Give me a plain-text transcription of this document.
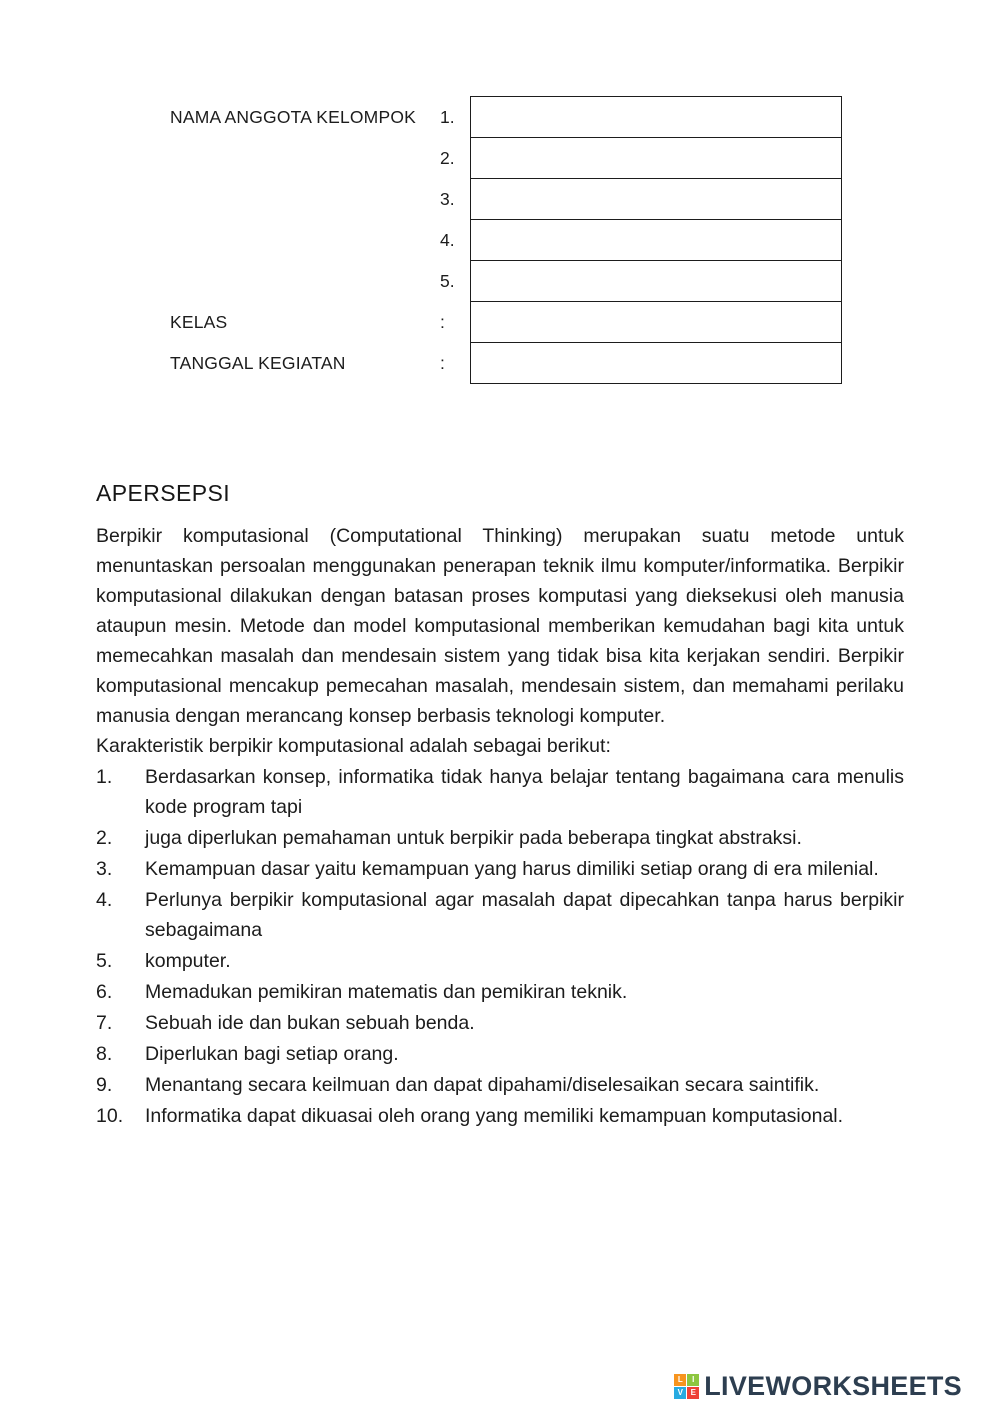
NAMA ANGGOTA KELOMPOK	1.
2.
3.
4.
5.
KELAS	:
TANGGAL KEGIATAN	:
APERSEPSI

Berpikir komputasional (Computational Thinking) merupakan suatu metode untuk menuntaskan persoalan menggunakan penerapan teknik ilmu komputer/informatika. Berpikir komputasional dilakukan dengan batasan proses komputasi yang dieksekusi oleh manusia ataupun mesin. Metode dan model komputasional memberikan kemudahan bagi kita untuk memecahkan masalah dan mendesain sistem yang tidak bisa kita kerjakan sendiri. Berpikir komputasional mencakup pemecahan masalah, mendesain sistem, dan memahami perilaku manusia dengan merancang konsep berbasis teknologi komputer.

Karakteristik berpikir komputasional adalah sebagai berikut:

1.	Berdasarkan konsep, informatika tidak hanya belajar tentang bagaimana cara menulis kode program tapi
2.	juga diperlukan pemahaman untuk berpikir pada beberapa tingkat abstraksi.
3.	Kemampuan dasar yaitu kemampuan yang harus dimiliki setiap orang di era milenial.
4.	Perlunya berpikir komputasional agar masalah dapat dipecahkan tanpa harus berpikir sebagaimana
5.	komputer.
6.	Memadukan pemikiran matematis dan pemikiran teknik.
7.	Sebuah ide dan bukan sebuah benda.
8.	Diperlukan bagi setiap orang.
9.	Menantang secara keilmuan dan dapat dipahami/diselesaikan secara saintifik.
10.	Informatika dapat dikuasai oleh orang yang memiliki kemampuan komputasional.
L	I
V E LIVEWORKSHEETS
